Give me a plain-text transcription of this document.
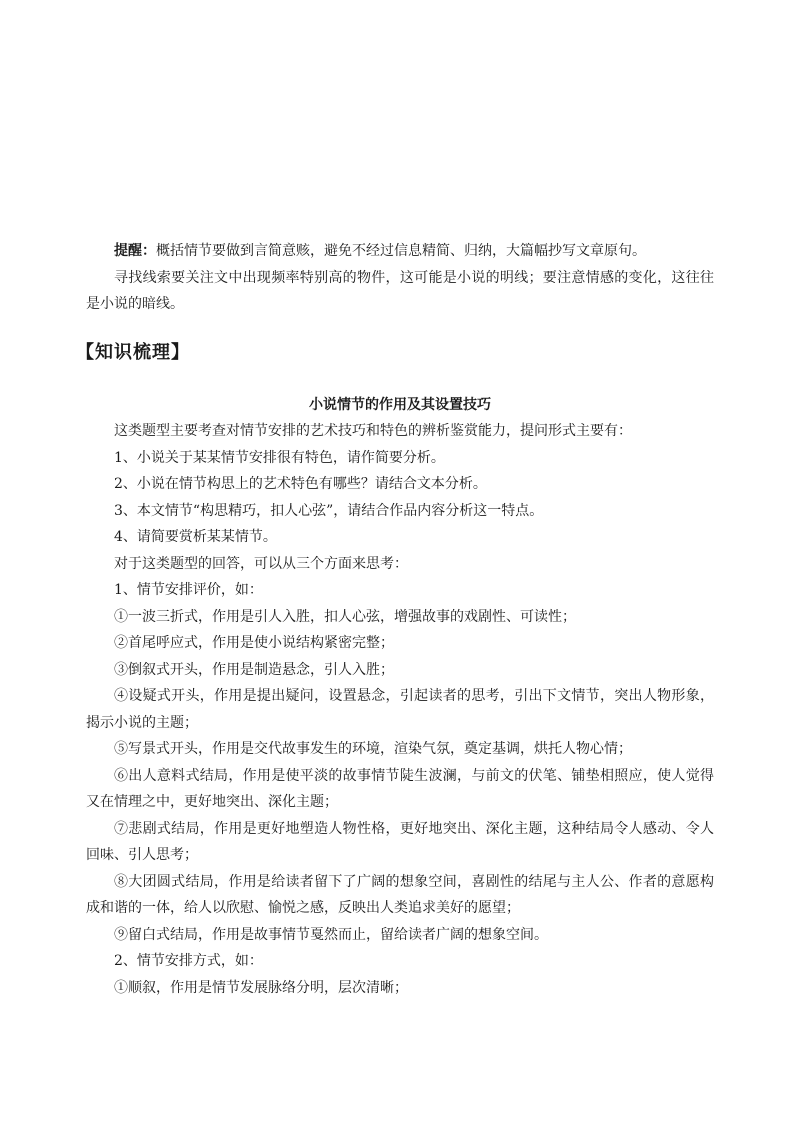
提醒：概括情节要做到言简意赅，避免不经过信息精简、归纳，大篇幅抄写文章原句。

寻找线索要关注文中出现频率特别高的物件，这可能是小说的明线；要注意情感的变化，这往往是小说的暗线。

【知识梳理】
小说情节的作用及其设置技巧

这类题型主要考查对情节安排的艺术技巧和特色的辨析鉴赏能力，提问形式主要有：

1、小说关于某某情节安排很有特色，请作简要分析。

2、小说在情节构思上的艺术特色有哪些？请结合文本分析。

3、本文情节“构思精巧，扣人心弦”，请结合作品内容分析这一特点。

4、请简要赏析某某情节。

对于这类题型的回答，可以从三个方面来思考：

1、情节安排评价，如：

①一波三折式，作用是引人入胜，扣人心弦，增强故事的戏剧性、可读性；

②首尾呼应式，作用是使小说结构紧密完整；

③倒叙式开头，作用是制造悬念，引人入胜；

④设疑式开头，作用是提出疑问，设置悬念，引起读者的思考，引出下文情节，突出人物形象，揭示小说的主题；

⑤写景式开头，作用是交代故事发生的环境，渲染气氛，奠定基调，烘托人物心情；

⑥出人意料式结局，作用是使平淡的故事情节陡生波澜，与前文的伏笔、铺垫相照应，使人觉得又在情理之中，更好地突出、深化主题；

⑦悲剧式结局，作用是更好地塑造人物性格，更好地突出、深化主题，这种结局令人感动、令人回味、引人思考；

⑧大团圆式结局，作用是给读者留下了广阔的想象空间，喜剧性的结尾与主人公、作者的意愿构成和谐的一体，给人以欣慰、愉悦之感，反映出人类追求美好的愿望；

⑨留白式结局，作用是故事情节戛然而止，留给读者广阔的想象空间。

2、情节安排方式，如：

①顺叙，作用是情节发展脉络分明，层次清晰；
